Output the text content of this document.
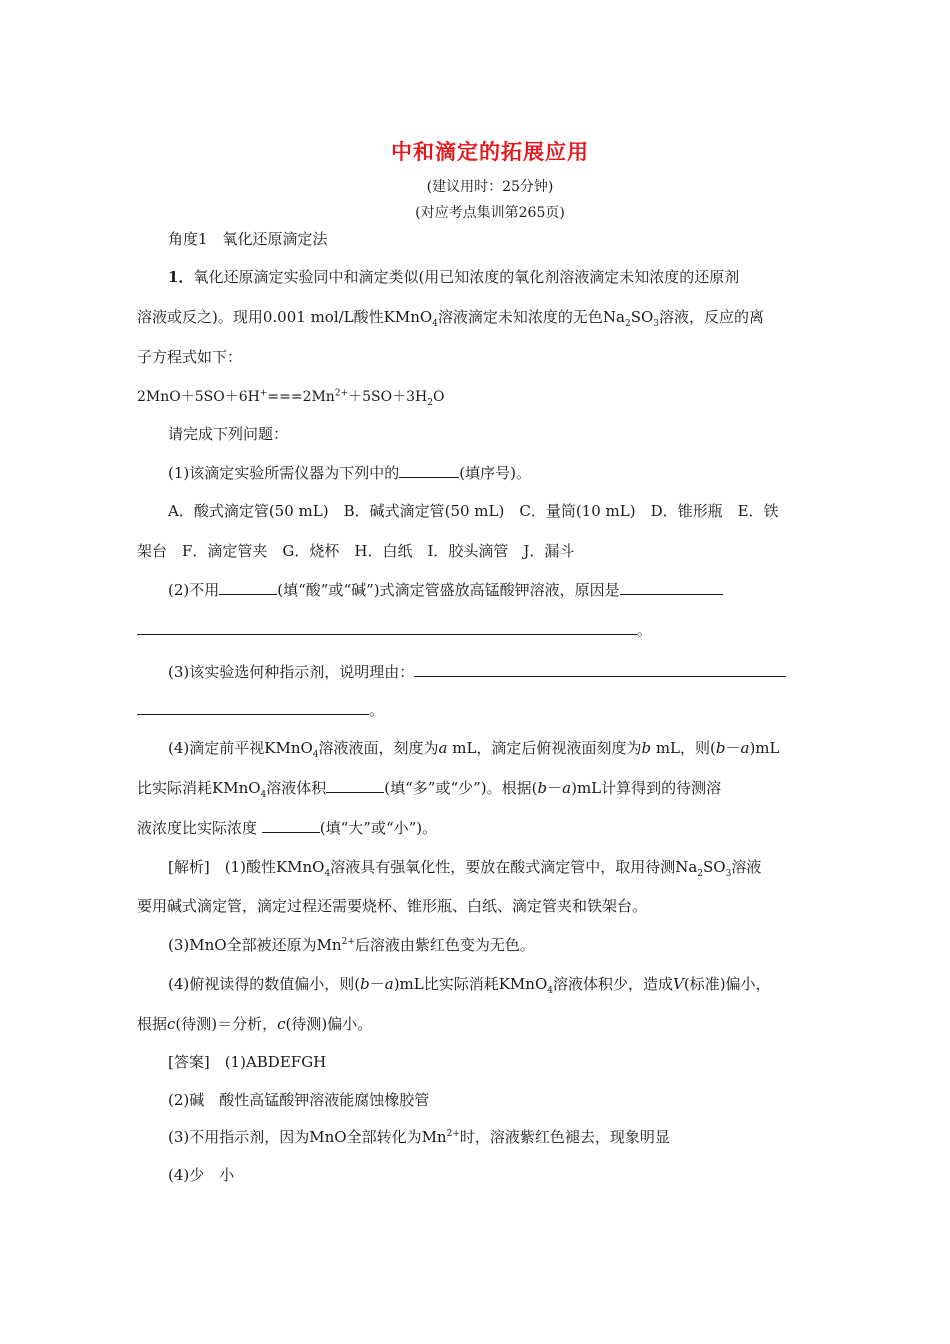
中和滴定的拓展应用
(建议用时：25分钟)
(对应考点集训第265页)
角度1　氧化还原滴定法
1．氧化还原滴定实验同中和滴定类似(用已知浓度的氧化剂溶液滴定未知浓度的还原剂
溶液或反之)。现用0.001 mol/L酸性KMnO$_4$溶液滴定未知浓度的无色$Na_2SO_3$溶液，反应的离
子方程式如下：
$2MnO+5SO+6H^+===2Mn^{2+}+5SO+3H_2O$
请完成下列问题：
(1)该滴定实验所需仪器为下列中的	(填序号)。
A．酸式滴定管(50 mL)　B．碱式滴定管(50 mL)　C．量筒(10 mL)　D．锥形瓶　E．铁
架台　F．滴定管夹　G．烧杯　H．白纸　I．胶头滴管　J．漏斗
(2)不用	(填“酸”或“碱”)式滴定管盛放高锰酸钾溶液，原因是
。
(3)该实验选何种指示剂，说明理由：
。
(4)滴定前平视KMnO$_4$溶液液面，刻度为a mL，滴定后俯视液面刻度为b mL，则(b－a)mL
比实际消耗KMnO$_4$溶液体积	(填“多”或“少”)。根据(b－a)mL计算得到的待测溶
液浓度比实际浓度	(填“大”或“小”)。
[解析]　(1)酸性KMnO$_4$溶液具有强氧化性，要放在酸式滴定管中，取用待测$Na_2SO_3$溶液
要用碱式滴定管，滴定过程还需要烧杯、锥形瓶、白纸、滴定管夹和铁架台。
(3)MnO全部被还原为$Mn^{2+}$后溶液由紫红色变为无色。
(4)俯视读得的数值偏小，则(b－a)mL比实际消耗KMnO$_4$溶液体积少，造成V(标准)偏小，
根据c(待测)＝分析，c(待测)偏小。
[答案]　(1)ABDEFGH
(2)碱　酸性高锰酸钾溶液能腐蚀橡胶管
(3)不用指示剂，因为MnO全部转化为$Mn^{2+}$时，溶液紫红色褪去，现象明显
(4)少　小
